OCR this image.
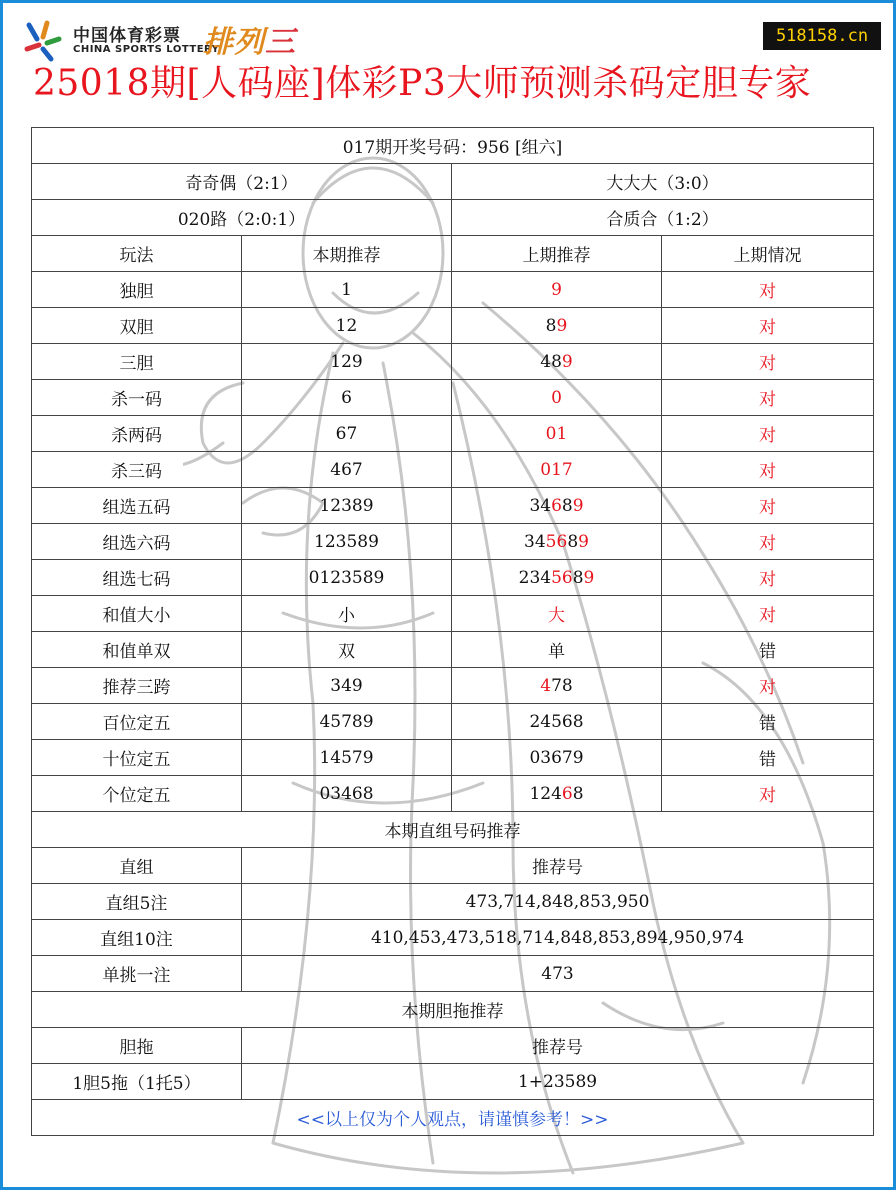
中国体育彩票
CHINA SPORTS LOTTERY
排列三	518158.cn
25018期[人码座]体彩P3大师预测杀码定胆专家
017期开奖号码：956 [组六]			
奇奇偶（2:1）		大大大（3:0）	
020路（2:0:1）		合质合（1:2）	
玩法	本期推荐	上期推荐	上期情况
独胆	1	9	对
双胆	12	89	对
三胆	129	489	对
杀一码	6	0	对
杀两码	67	01	对
杀三码	467	017	对
组选五码	12389	34689	对
组选六码	123589	345689	对
组选七码	0123589	2345689	对
和值大小	小	大	对
和值单双	双	单	错
推荐三跨	349	478	对
百位定五	45789	24568	错
十位定五	14579	03679	错
个位定五	03468	12468	对
本期直组号码推荐			
直组	推荐号		
直组5注	473,714,848,853,950		
直组10注	410,453,473,518,714,848,853,894,950,974		
单挑一注	473		
本期胆拖推荐			
胆拖	推荐号		
1胆5拖（1托5）	1+23589		
<<以上仅为个人观点，请谨慎参考！>>			
